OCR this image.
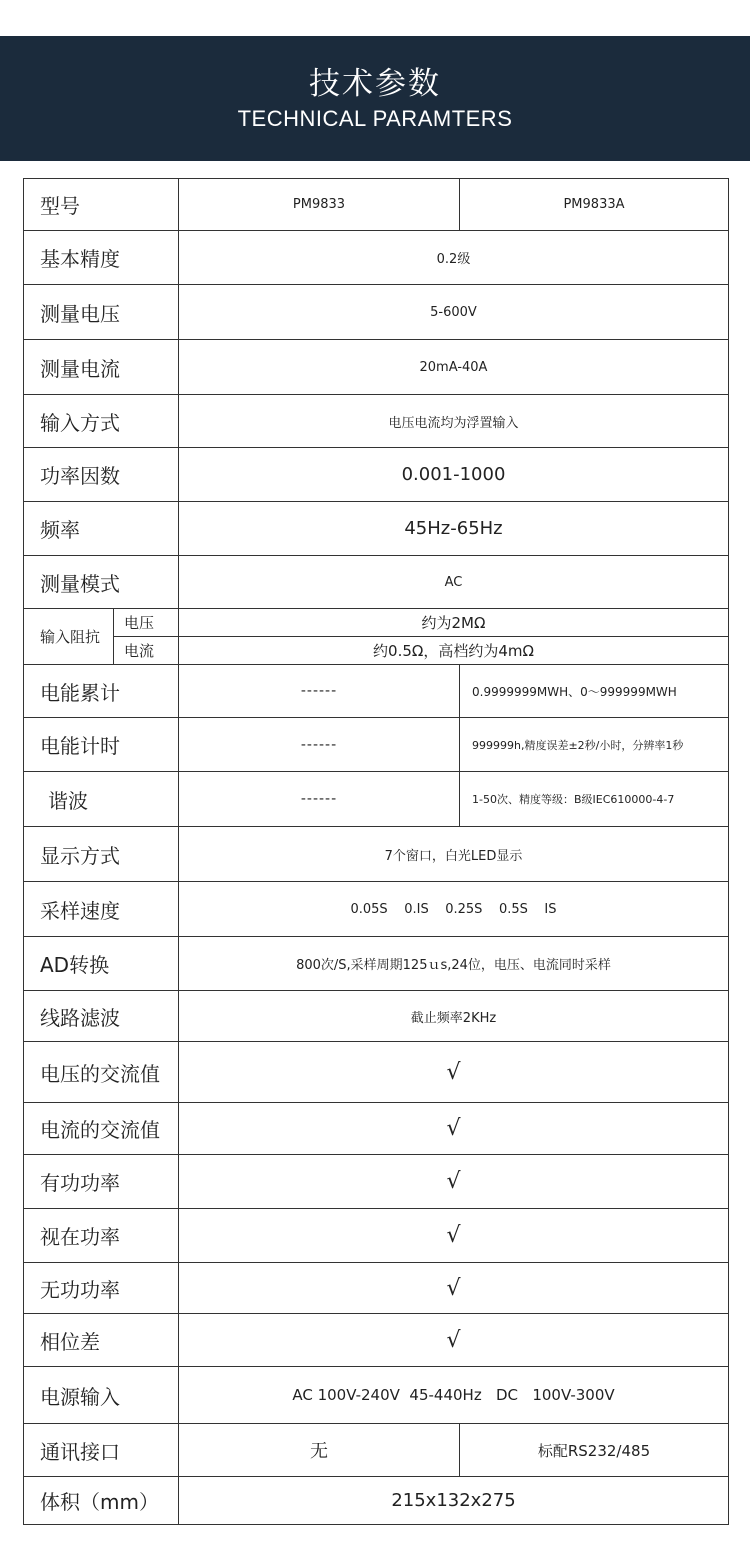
技术参数
TECHNICAL PARAMTERS
型号		PM9833	PM9833A
基本精度		0.2级	
测量电压		5-600V	
测量电流		20mA-40A	
输入方式		电压电流均为浮置输入	
功率因数		0.001-1000	
频率		45Hz-65Hz	
测量模式		AC	
输入阻抗	电压	约为2MΩ	
	电流	约0.5Ω，高档约为4mΩ	
电能累计		------	0.9999999MWH、0～999999MWH
电能计时		------	999999h,精度误差±2秒/小时，分辨率1秒
谐波		------	1-50次、精度等级：B级IEC610000-4-7
显示方式		7个窗口，白光LED显示	
采样速度		0.05S    0.IS    0.25S    0.5S    IS	
AD转换		800次/S,采样周期125ｕs,24位，电压、电流同时采样	
线路滤波		截止频率2KHz	
电压的交流值		√	
电流的交流值		√	
有功功率		√	
视在功率		√	
无功功率		√	
相位差		√	
电源输入		AC 100V-240V  45-440Hz   DC   100V-300V	
通讯接口		无	标配RS232/485
体积（mm）		215x132x275	
